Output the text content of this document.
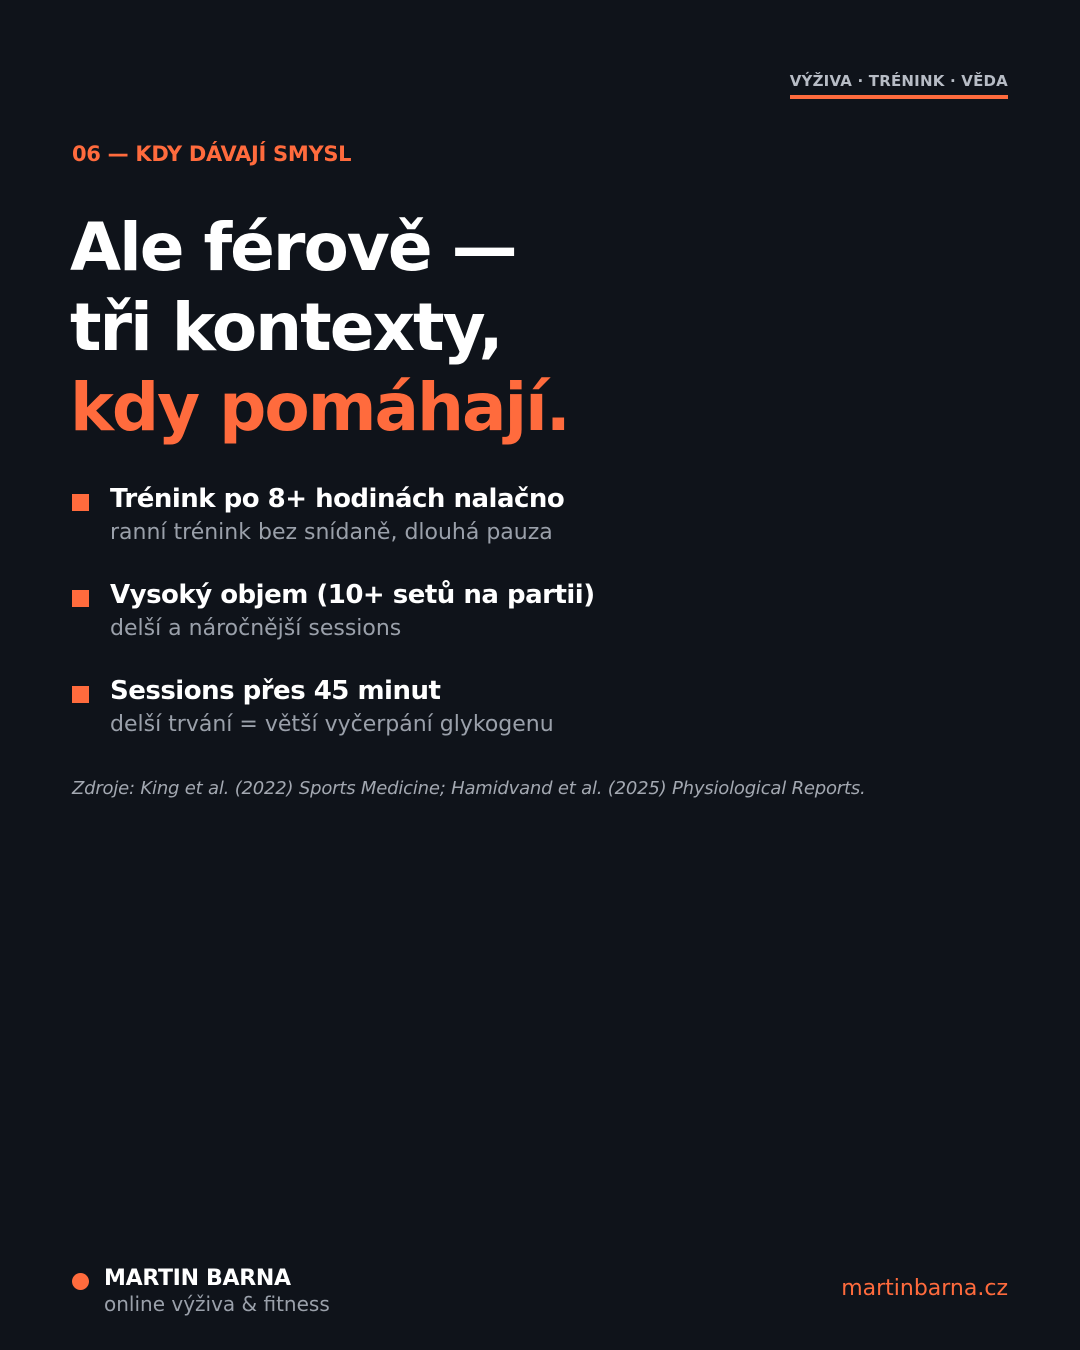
VÝŽIVA · TRÉNINK · VĚDA
06 — KDY DÁVAJÍ SMYSL
Ale férově —
tři kontexty,
kdy pomáhají.
Trénink po 8+ hodinách nalačno
ranní trénink bez snídaně, dlouhá pauza
Vysoký objem (10+ setů na partii)
delší a náročnější sessions
Sessions přes 45 minut
delší trvání = větší vyčerpání glykogenu
Zdroje: King et al. (2022) Sports Medicine; Hamidvand et al. (2025) Physiological Reports.
MARTIN BARNA
online výživa & fitness
martinbarna.cz
